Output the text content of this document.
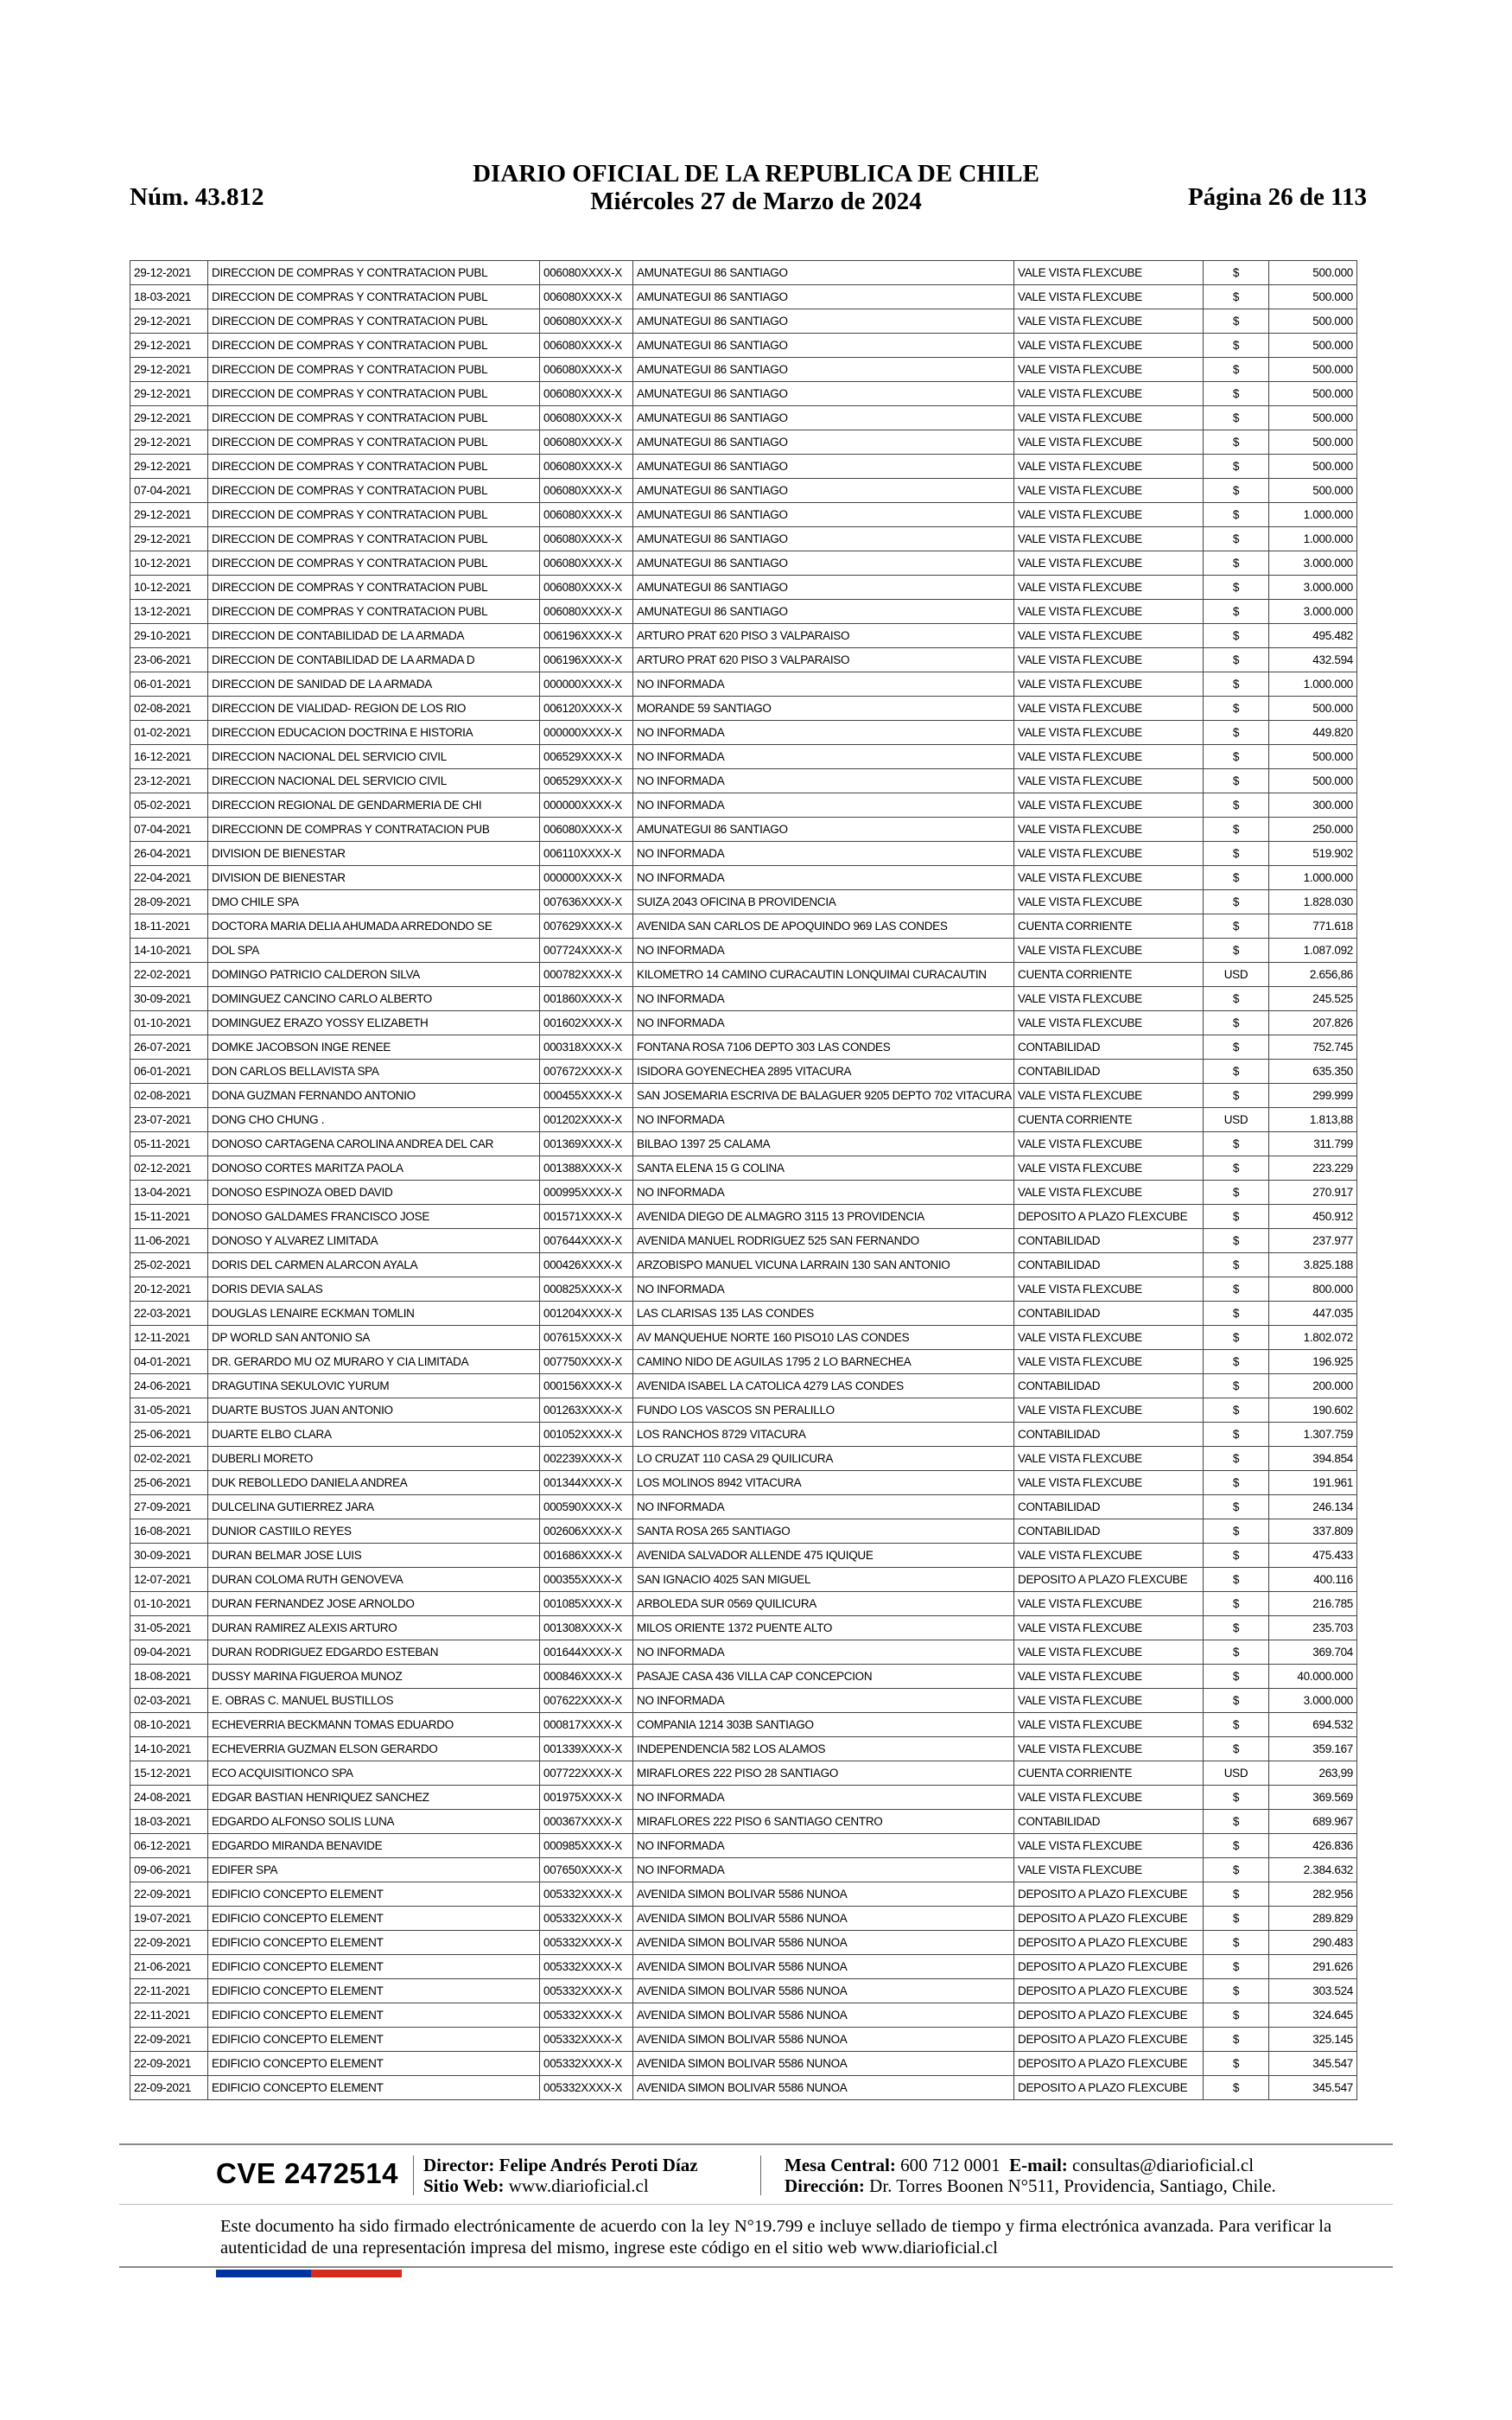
Núm. 43.812
DIARIO OFICIAL DE LA REPUBLICA DE CHILE
Miércoles 27 de Marzo de 2024	Página 26 de 113
29-12-2021	DIRECCION DE COMPRAS Y CONTRATACION PUBL	006080XXXX-X	AMUNATEGUI 86 SANTIAGO	VALE VISTA FLEXCUBE	$	500.000
18-03-2021	DIRECCION DE COMPRAS Y CONTRATACION PUBL	006080XXXX-X	AMUNATEGUI 86 SANTIAGO	VALE VISTA FLEXCUBE	$	500.000
29-12-2021	DIRECCION DE COMPRAS Y CONTRATACION PUBL	006080XXXX-X	AMUNATEGUI 86 SANTIAGO	VALE VISTA FLEXCUBE	$	500.000
29-12-2021	DIRECCION DE COMPRAS Y CONTRATACION PUBL	006080XXXX-X	AMUNATEGUI 86 SANTIAGO	VALE VISTA FLEXCUBE	$	500.000
29-12-2021	DIRECCION DE COMPRAS Y CONTRATACION PUBL	006080XXXX-X	AMUNATEGUI 86 SANTIAGO	VALE VISTA FLEXCUBE	$	500.000
29-12-2021	DIRECCION DE COMPRAS Y CONTRATACION PUBL	006080XXXX-X	AMUNATEGUI 86 SANTIAGO	VALE VISTA FLEXCUBE	$	500.000
29-12-2021	DIRECCION DE COMPRAS Y CONTRATACION PUBL	006080XXXX-X	AMUNATEGUI 86 SANTIAGO	VALE VISTA FLEXCUBE	$	500.000
29-12-2021	DIRECCION DE COMPRAS Y CONTRATACION PUBL	006080XXXX-X	AMUNATEGUI 86 SANTIAGO	VALE VISTA FLEXCUBE	$	500.000
29-12-2021	DIRECCION DE COMPRAS Y CONTRATACION PUBL	006080XXXX-X	AMUNATEGUI 86 SANTIAGO	VALE VISTA FLEXCUBE	$	500.000
07-04-2021	DIRECCION DE COMPRAS Y CONTRATACION PUBL	006080XXXX-X	AMUNATEGUI 86 SANTIAGO	VALE VISTA FLEXCUBE	$	500.000
29-12-2021	DIRECCION DE COMPRAS Y CONTRATACION PUBL	006080XXXX-X	AMUNATEGUI 86 SANTIAGO	VALE VISTA FLEXCUBE	$	1.000.000
29-12-2021	DIRECCION DE COMPRAS Y CONTRATACION PUBL	006080XXXX-X	AMUNATEGUI 86 SANTIAGO	VALE VISTA FLEXCUBE	$	1.000.000
10-12-2021	DIRECCION DE COMPRAS Y CONTRATACION PUBL	006080XXXX-X	AMUNATEGUI 86 SANTIAGO	VALE VISTA FLEXCUBE	$	3.000.000
10-12-2021	DIRECCION DE COMPRAS Y CONTRATACION PUBL	006080XXXX-X	AMUNATEGUI 86 SANTIAGO	VALE VISTA FLEXCUBE	$	3.000.000
13-12-2021	DIRECCION DE COMPRAS Y CONTRATACION PUBL	006080XXXX-X	AMUNATEGUI 86 SANTIAGO	VALE VISTA FLEXCUBE	$	3.000.000
29-10-2021	DIRECCION DE CONTABILIDAD DE LA ARMADA	006196XXXX-X	ARTURO PRAT 620 PISO 3 VALPARAISO	VALE VISTA FLEXCUBE	$	495.482
23-06-2021	DIRECCION DE CONTABILIDAD DE LA ARMADA D	006196XXXX-X	ARTURO PRAT 620 PISO 3 VALPARAISO	VALE VISTA FLEXCUBE	$	432.594
06-01-2021	DIRECCION DE SANIDAD DE LA ARMADA	000000XXXX-X	NO INFORMADA	VALE VISTA FLEXCUBE	$	1.000.000
02-08-2021	DIRECCION DE VIALIDAD- REGION DE LOS RIO	006120XXXX-X	MORANDE 59 SANTIAGO	VALE VISTA FLEXCUBE	$	500.000
01-02-2021	DIRECCION EDUCACION DOCTRINA E HISTORIA	000000XXXX-X	NO INFORMADA	VALE VISTA FLEXCUBE	$	449.820
16-12-2021	DIRECCION NACIONAL DEL SERVICIO CIVIL	006529XXXX-X	NO INFORMADA	VALE VISTA FLEXCUBE	$	500.000
23-12-2021	DIRECCION NACIONAL DEL SERVICIO CIVIL	006529XXXX-X	NO INFORMADA	VALE VISTA FLEXCUBE	$	500.000
05-02-2021	DIRECCION REGIONAL DE GENDARMERIA DE CHI	000000XXXX-X	NO INFORMADA	VALE VISTA FLEXCUBE	$	300.000
07-04-2021	DIRECCIONN DE COMPRAS Y CONTRATACION PUB	006080XXXX-X	AMUNATEGUI 86 SANTIAGO	VALE VISTA FLEXCUBE	$	250.000
26-04-2021	DIVISION DE BIENESTAR	006110XXXX-X	NO INFORMADA	VALE VISTA FLEXCUBE	$	519.902
22-04-2021	DIVISION DE BIENESTAR	000000XXXX-X	NO INFORMADA	VALE VISTA FLEXCUBE	$	1.000.000
28-09-2021	DMO CHILE SPA	007636XXXX-X	SUIZA 2043 OFICINA B PROVIDENCIA	VALE VISTA FLEXCUBE	$	1.828.030
18-11-2021	DOCTORA MARIA DELIA AHUMADA ARREDONDO SE	007629XXXX-X	AVENIDA SAN CARLOS DE APOQUINDO 969 LAS CONDES	CUENTA CORRIENTE	$	771.618
14-10-2021	DOL SPA	007724XXXX-X	NO INFORMADA	VALE VISTA FLEXCUBE	$	1.087.092
22-02-2021	DOMINGO PATRICIO CALDERON SILVA	000782XXXX-X	KILOMETRO 14 CAMINO CURACAUTIN LONQUIMAI CURACAUTIN	CUENTA CORRIENTE	USD	2.656,86
30-09-2021	DOMINGUEZ CANCINO CARLO ALBERTO	001860XXXX-X	NO INFORMADA	VALE VISTA FLEXCUBE	$	245.525
01-10-2021	DOMINGUEZ ERAZO YOSSY ELIZABETH	001602XXXX-X	NO INFORMADA	VALE VISTA FLEXCUBE	$	207.826
26-07-2021	DOMKE JACOBSON INGE RENEE	000318XXXX-X	FONTANA ROSA 7106 DEPTO 303 LAS CONDES	CONTABILIDAD	$	752.745
06-01-2021	DON CARLOS BELLAVISTA SPA	007672XXXX-X	ISIDORA GOYENECHEA 2895 VITACURA	CONTABILIDAD	$	635.350
02-08-2021	DONA GUZMAN FERNANDO ANTONIO	000455XXXX-X	SAN JOSEMARIA ESCRIVA DE BALAGUER 9205 DEPTO 702 VITACURA	VALE VISTA FLEXCUBE	$	299.999
23-07-2021	DONG CHO CHUNG .	001202XXXX-X	NO INFORMADA	CUENTA CORRIENTE	USD	1.813,88
05-11-2021	DONOSO CARTAGENA CAROLINA ANDREA DEL CAR	001369XXXX-X	BILBAO 1397 25 CALAMA	VALE VISTA FLEXCUBE	$	311.799
02-12-2021	DONOSO CORTES MARITZA PAOLA	001388XXXX-X	SANTA ELENA 15 G COLINA	VALE VISTA FLEXCUBE	$	223.229
13-04-2021	DONOSO ESPINOZA OBED DAVID	000995XXXX-X	NO INFORMADA	VALE VISTA FLEXCUBE	$	270.917
15-11-2021	DONOSO GALDAMES FRANCISCO JOSE	001571XXXX-X	AVENIDA DIEGO DE ALMAGRO 3115 13 PROVIDENCIA	DEPOSITO A PLAZO FLEXCUBE	$	450.912
11-06-2021	DONOSO Y ALVAREZ LIMITADA	007644XXXX-X	AVENIDA MANUEL RODRIGUEZ 525 SAN FERNANDO	CONTABILIDAD	$	237.977
25-02-2021	DORIS DEL CARMEN ALARCON AYALA	000426XXXX-X	ARZOBISPO MANUEL VICUNA LARRAIN 130 SAN ANTONIO	CONTABILIDAD	$	3.825.188
20-12-2021	DORIS DEVIA SALAS	000825XXXX-X	NO INFORMADA	VALE VISTA FLEXCUBE	$	800.000
22-03-2021	DOUGLAS LENAIRE ECKMAN TOMLIN	001204XXXX-X	LAS CLARISAS 135 LAS CONDES	CONTABILIDAD	$	447.035
12-11-2021	DP WORLD SAN ANTONIO SA	007615XXXX-X	AV MANQUEHUE NORTE 160 PISO10 LAS CONDES	VALE VISTA FLEXCUBE	$	1.802.072
04-01-2021	DR. GERARDO MU OZ MURARO Y CIA LIMITADA	007750XXXX-X	CAMINO NIDO DE AGUILAS 1795 2 LO BARNECHEA	VALE VISTA FLEXCUBE	$	196.925
24-06-2021	DRAGUTINA SEKULOVIC YURUM	000156XXXX-X	AVENIDA ISABEL LA CATOLICA 4279 LAS CONDES	CONTABILIDAD	$	200.000
31-05-2021	DUARTE BUSTOS JUAN ANTONIO	001263XXXX-X	FUNDO LOS VASCOS SN PERALILLO	VALE VISTA FLEXCUBE	$	190.602
25-06-2021	DUARTE ELBO CLARA	001052XXXX-X	LOS RANCHOS 8729 VITACURA	CONTABILIDAD	$	1.307.759
02-02-2021	DUBERLI MORETO	002239XXXX-X	LO CRUZAT 110 CASA 29 QUILICURA	VALE VISTA FLEXCUBE	$	394.854
25-06-2021	DUK REBOLLEDO DANIELA ANDREA	001344XXXX-X	LOS MOLINOS 8942 VITACURA	VALE VISTA FLEXCUBE	$	191.961
27-09-2021	DULCELINA GUTIERREZ JARA	000590XXXX-X	NO INFORMADA	CONTABILIDAD	$	246.134
16-08-2021	DUNIOR CASTIILO REYES	002606XXXX-X	SANTA ROSA 265 SANTIAGO	CONTABILIDAD	$	337.809
30-09-2021	DURAN BELMAR JOSE LUIS	001686XXXX-X	AVENIDA SALVADOR ALLENDE 475 IQUIQUE	VALE VISTA FLEXCUBE	$	475.433
12-07-2021	DURAN COLOMA RUTH GENOVEVA	000355XXXX-X	SAN IGNACIO 4025 SAN MIGUEL	DEPOSITO A PLAZO FLEXCUBE	$	400.116
01-10-2021	DURAN FERNANDEZ JOSE ARNOLDO	001085XXXX-X	ARBOLEDA SUR 0569 QUILICURA	VALE VISTA FLEXCUBE	$	216.785
31-05-2021	DURAN RAMIREZ ALEXIS ARTURO	001308XXXX-X	MILOS ORIENTE 1372 PUENTE ALTO	VALE VISTA FLEXCUBE	$	235.703
09-04-2021	DURAN RODRIGUEZ EDGARDO ESTEBAN	001644XXXX-X	NO INFORMADA	VALE VISTA FLEXCUBE	$	369.704
18-08-2021	DUSSY MARINA FIGUEROA MUNOZ	000846XXXX-X	PASAJE CASA 436 VILLA CAP CONCEPCION	VALE VISTA FLEXCUBE	$	40.000.000
02-03-2021	E. OBRAS C. MANUEL BUSTILLOS	007622XXXX-X	NO INFORMADA	VALE VISTA FLEXCUBE	$	3.000.000
08-10-2021	ECHEVERRIA BECKMANN TOMAS EDUARDO	000817XXXX-X	COMPANIA 1214 303B SANTIAGO	VALE VISTA FLEXCUBE	$	694.532
14-10-2021	ECHEVERRIA GUZMAN ELSON GERARDO	001339XXXX-X	INDEPENDENCIA 582 LOS ALAMOS	VALE VISTA FLEXCUBE	$	359.167
15-12-2021	ECO ACQUISITIONCO SPA	007722XXXX-X	MIRAFLORES 222 PISO 28 SANTIAGO	CUENTA CORRIENTE	USD	263,99
24-08-2021	EDGAR BASTIAN HENRIQUEZ SANCHEZ	001975XXXX-X	NO INFORMADA	VALE VISTA FLEXCUBE	$	369.569
18-03-2021	EDGARDO ALFONSO SOLIS LUNA	000367XXXX-X	MIRAFLORES 222 PISO 6 SANTIAGO CENTRO	CONTABILIDAD	$	689.967
06-12-2021	EDGARDO MIRANDA BENAVIDE	000985XXXX-X	NO INFORMADA	VALE VISTA FLEXCUBE	$	426.836
09-06-2021	EDIFER SPA	007650XXXX-X	NO INFORMADA	VALE VISTA FLEXCUBE	$	2.384.632
22-09-2021	EDIFICIO CONCEPTO ELEMENT	005332XXXX-X	AVENIDA SIMON BOLIVAR 5586 NUNOA	DEPOSITO A PLAZO FLEXCUBE	$	282.956
19-07-2021	EDIFICIO CONCEPTO ELEMENT	005332XXXX-X	AVENIDA SIMON BOLIVAR 5586 NUNOA	DEPOSITO A PLAZO FLEXCUBE	$	289.829
22-09-2021	EDIFICIO CONCEPTO ELEMENT	005332XXXX-X	AVENIDA SIMON BOLIVAR 5586 NUNOA	DEPOSITO A PLAZO FLEXCUBE	$	290.483
21-06-2021	EDIFICIO CONCEPTO ELEMENT	005332XXXX-X	AVENIDA SIMON BOLIVAR 5586 NUNOA	DEPOSITO A PLAZO FLEXCUBE	$	291.626
22-11-2021	EDIFICIO CONCEPTO ELEMENT	005332XXXX-X	AVENIDA SIMON BOLIVAR 5586 NUNOA	DEPOSITO A PLAZO FLEXCUBE	$	303.524
22-11-2021	EDIFICIO CONCEPTO ELEMENT	005332XXXX-X	AVENIDA SIMON BOLIVAR 5586 NUNOA	DEPOSITO A PLAZO FLEXCUBE	$	324.645
22-09-2021	EDIFICIO CONCEPTO ELEMENT	005332XXXX-X	AVENIDA SIMON BOLIVAR 5586 NUNOA	DEPOSITO A PLAZO FLEXCUBE	$	325.145
22-09-2021	EDIFICIO CONCEPTO ELEMENT	005332XXXX-X	AVENIDA SIMON BOLIVAR 5586 NUNOA	DEPOSITO A PLAZO FLEXCUBE	$	345.547
22-09-2021	EDIFICIO CONCEPTO ELEMENT	005332XXXX-X	AVENIDA SIMON BOLIVAR 5586 NUNOA	DEPOSITO A PLAZO FLEXCUBE	$	345.547
CVE 2472514 Director: Felipe Andrés Peroti Díaz
Sitio Web: www.diarioficial.cl
Mesa Central: 600 712 0001 E-mail: consultas@diarioficial.cl
Dirección: Dr. Torres Boonen N°511, Providencia, Santiago, Chile.
Este documento ha sido firmado electrónicamente de acuerdo con la ley N°19.799 e incluye sellado de tiempo y firma electrónica avanzada. Para verificar la autenticidad de una representación impresa del mismo, ingrese este código en el sitio web www.diarioficial.cl
